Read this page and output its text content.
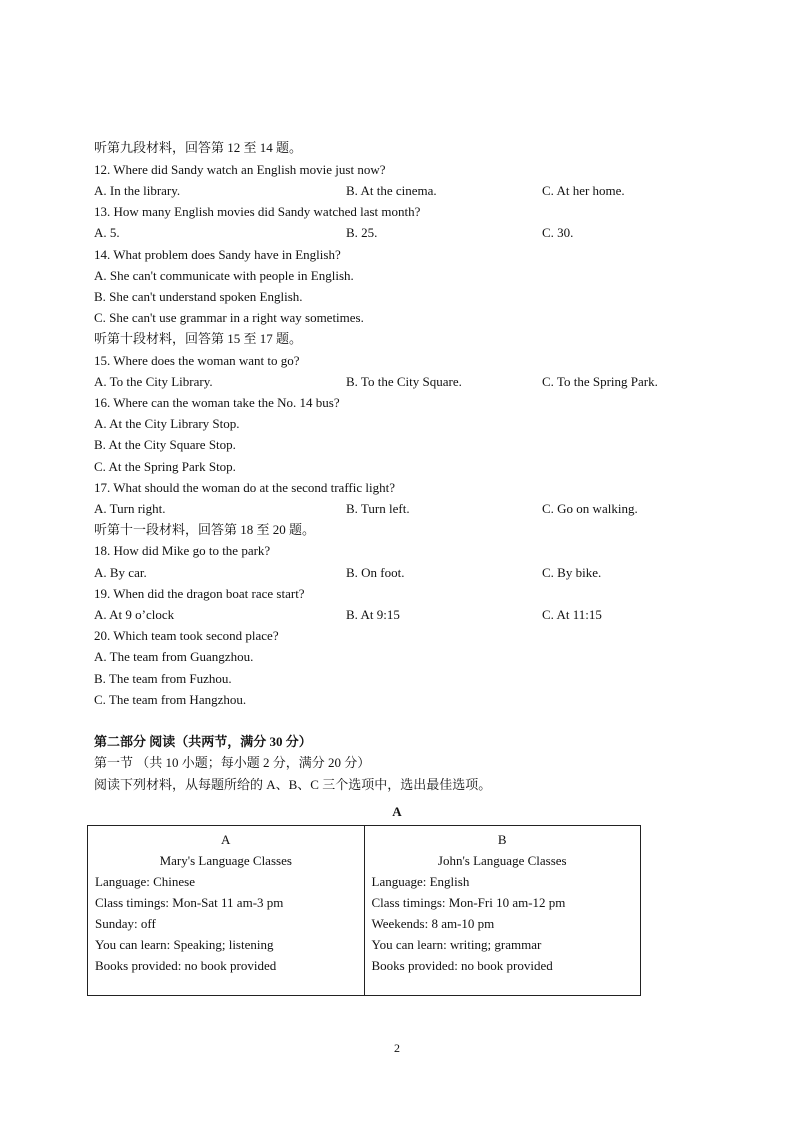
听第九段材料，回答第 12 至 14 题。
12. Where did Sandy watch an English movie just now?
A. In the library.	B. At the cinema.	C. At her home.
13. How many English movies did Sandy watched last month?
A. 5.	B. 25.	C. 30.
14. What problem does Sandy have in English?
A. She can't communicate with people in English.
B. She can't understand spoken English.
C. She can't use grammar in a right way sometimes.
听第十段材料，回答第 15 至 17 题。
15. Where does the woman want to go?
A. To the City Library.	B. To the City Square.	C. To the Spring Park.
16. Where can the woman take the No. 14 bus?
A. At the City Library Stop.
B. At the City Square Stop.
C. At the Spring Park Stop.
17. What should the woman do at the second traffic light?
A. Turn right.	B. Turn left.	C. Go on walking.
听第十一段材料，回答第 18 至 20 题。
18. How did Mike go to the park?
A. By car.	B. On foot.	C. By bike.
19. When did the dragon boat race start?
A. At 9 o’clock	B. At 9:15	C. At 11:15
20. Which team took second place?
A. The team from Guangzhou.
B. The team from Fuzhou.
C. The team from Hangzhou.
第二部分 阅读（共两节，满分 30 分）
第一节 （共 10 小题；每小题 2 分，满分 20 分）
阅读下列材料，从每题所给的 A、B、C 三个选项中，选出最佳选项。
A
A
Mary's Language Classes
Language: Chinese
Class timings: Mon-Sat 11 am-3 pm
Sunday: off
You can learn: Speaking; listening
Books provided: no book provided

B
John's Language Classes
Language: English
Class timings: Mon-Fri 10 am-12 pm
Weekends: 8 am-10 pm
You can learn: writing; grammar
Books provided: no book provided
2
